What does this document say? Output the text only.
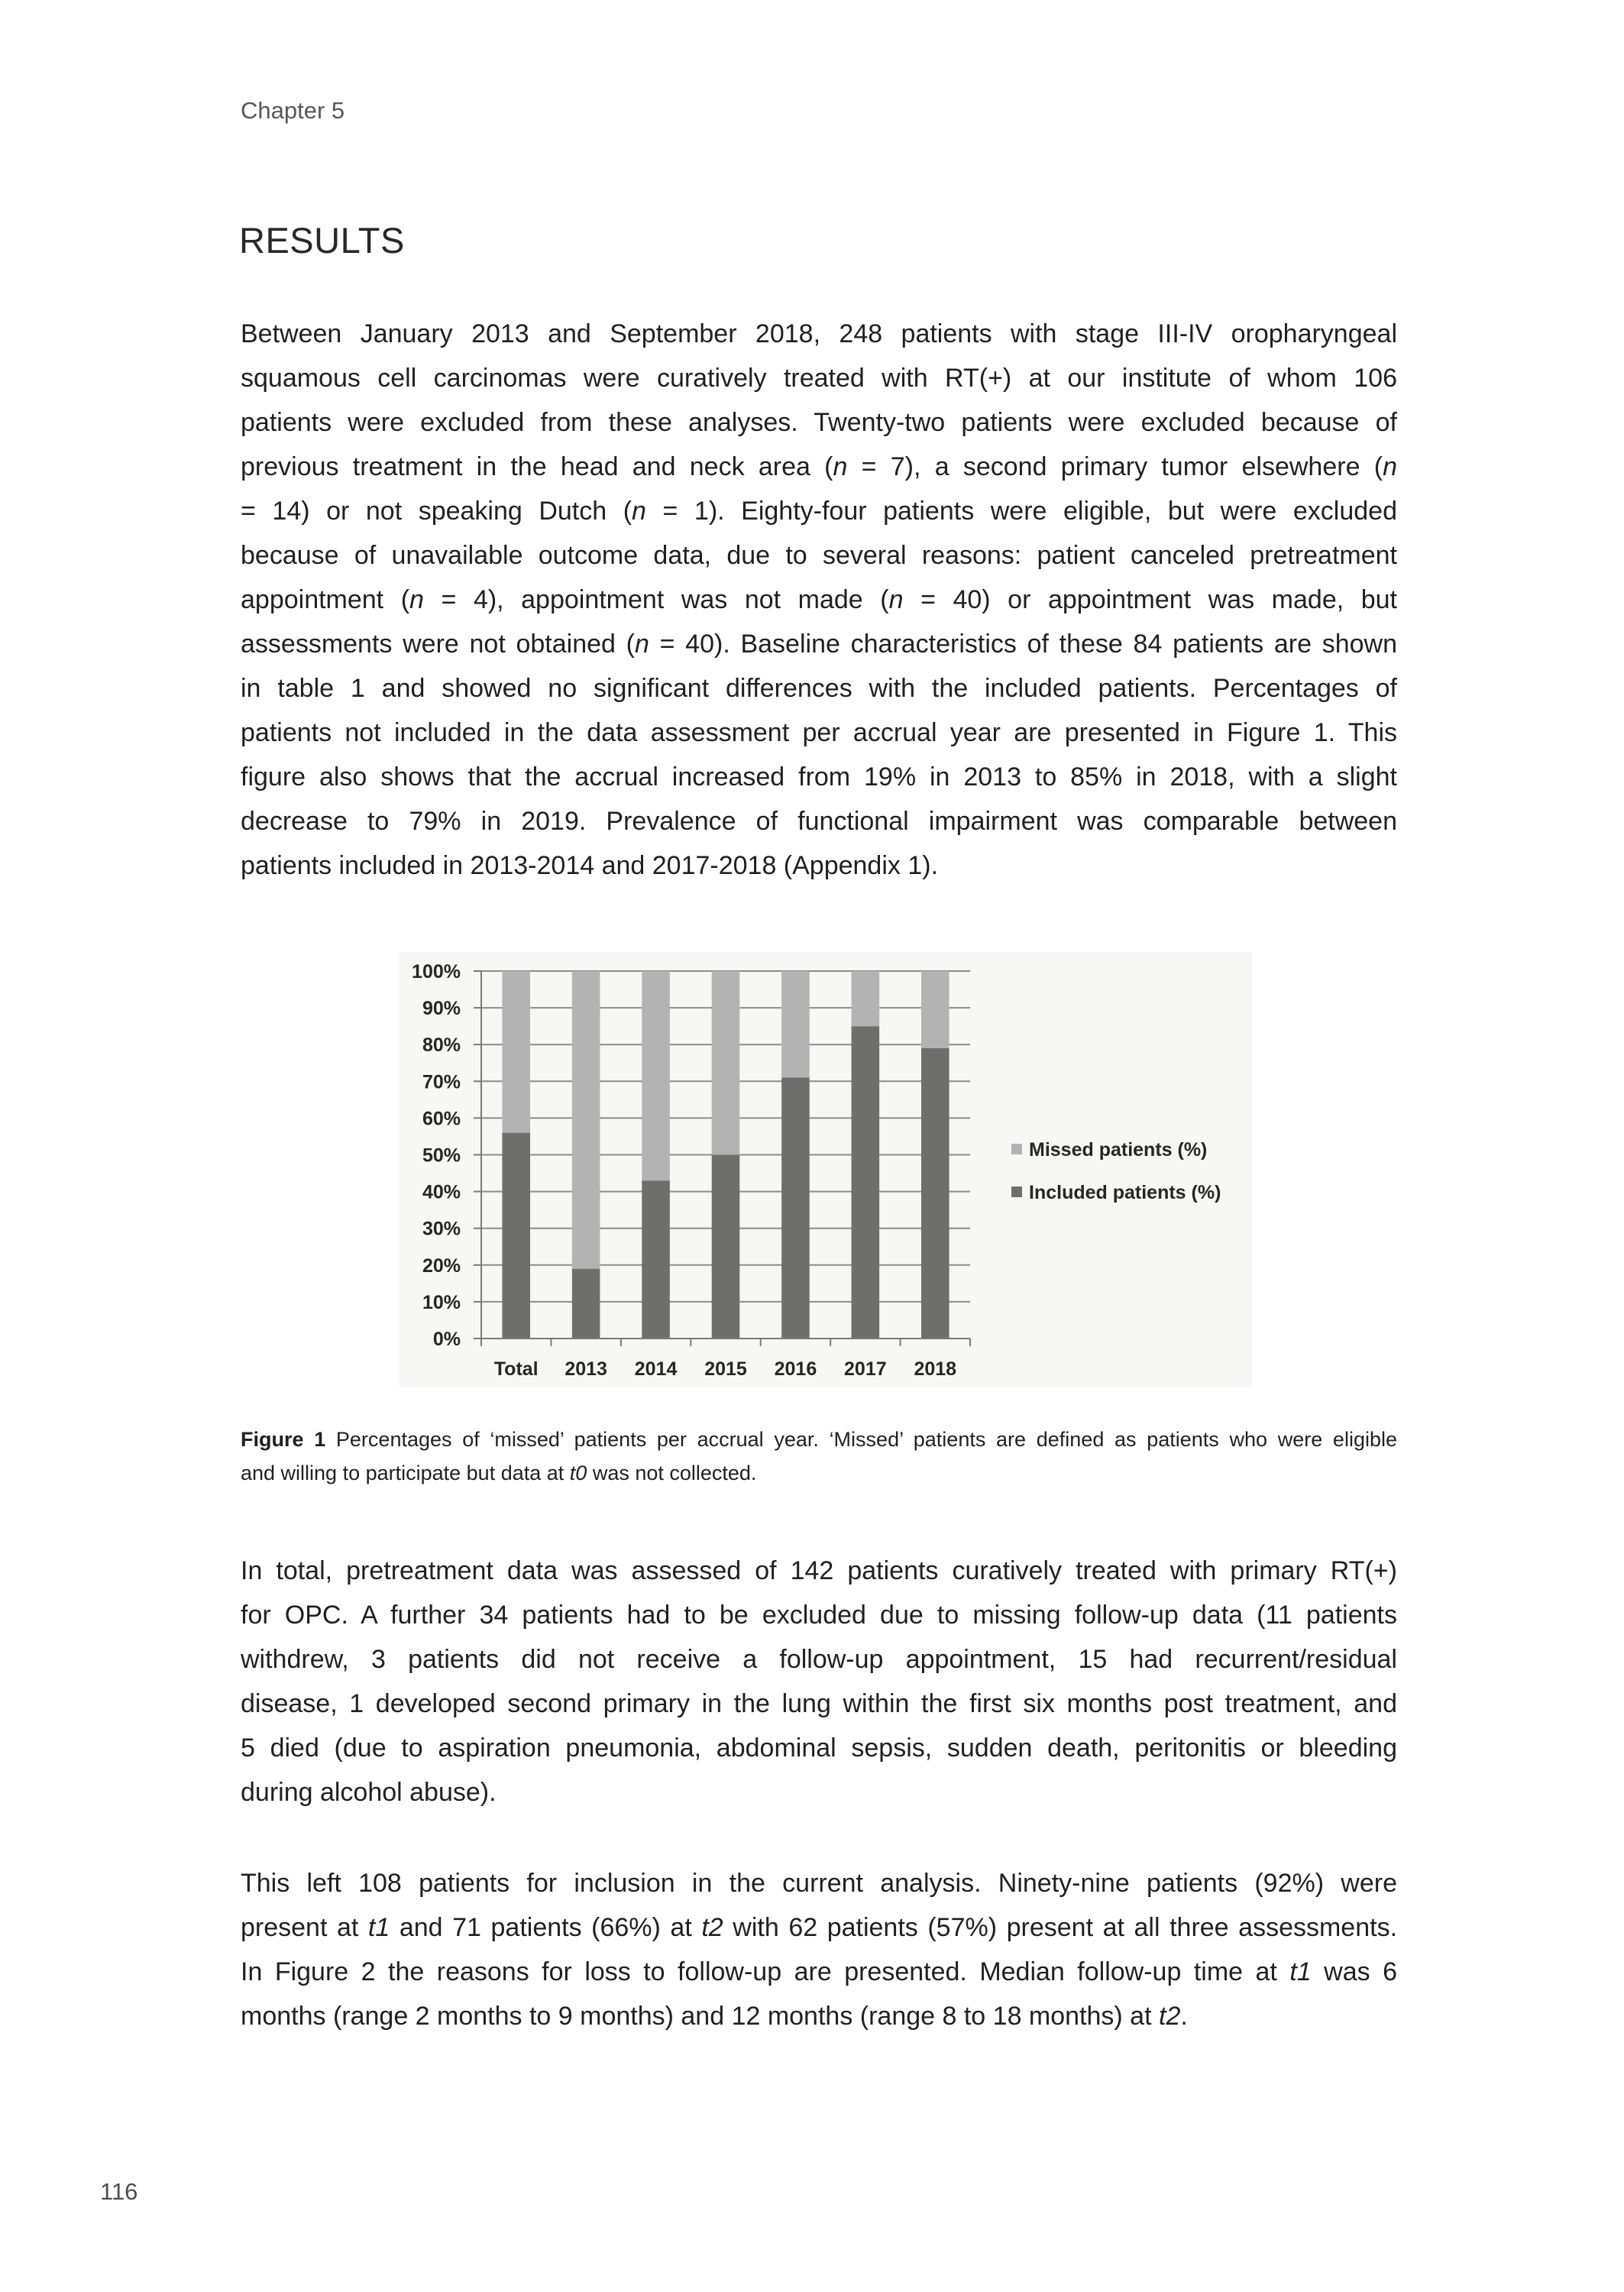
Chapter 5
RESULTS
Between January 2013 and September 2018, 248 patients with stage III-IV oropharyngeal
squamous cell carcinomas were curatively treated with RT(+) at our institute of whom 106
patients were excluded from these analyses. Twenty-two patients were excluded because of
previous treatment in the head and neck area (n = 7), a second primary tumor elsewhere (n
= 14) or not speaking Dutch (n = 1). Eighty-four patients were eligible, but were excluded
because of unavailable outcome data, due to several reasons: patient canceled pretreatment
appointment (n = 4), appointment was not made (n = 40) or appointment was made, but
assessments were not obtained (n = 40). Baseline characteristics of these 84 patients are shown
in table 1 and showed no significant differences with the included patients. Percentages of
patients not included in the data assessment per accrual year are presented in Figure 1. This
figure also shows that the accrual increased from 19% in 2013 to 85% in 2018, with a slight
decrease to 79% in 2019. Prevalence of functional impairment was comparable between
patients included in 2013-2014 and 2017-2018 (Appendix 1).
Total 2013 2014 2015 2016 2017 2018
0%
10%
20%
30%
40%
50%
60%
70%
80%
90%
100%
Missed patients (%)
Included patients (%)
Figure 1 Percentages of ‘missed’ patients per accrual year. ‘Missed’ patients are defined as patients who were eligible
and willing to participate but data at t0 was not collected.
In total, pretreatment data was assessed of 142 patients curatively treated with primary RT(+)
for OPC. A further 34 patients had to be excluded due to missing follow-up data (11 patients
withdrew, 3 patients did not receive a follow-up appointment, 15 had recurrent/residual
disease, 1 developed second primary in the lung within the first six months post treatment, and
5 died (due to aspiration pneumonia, abdominal sepsis, sudden death, peritonitis or bleeding
during alcohol abuse).
This left 108 patients for inclusion in the current analysis. Ninety-nine patients (92%) were
present at t1 and 71 patients (66%) at t2 with 62 patients (57%) present at all three assessments.
In Figure 2 the reasons for loss to follow-up are presented. Median follow-up time at t1 was 6
months (range 2 months to 9 months) and 12 months (range 8 to 18 months) at t2.
116
